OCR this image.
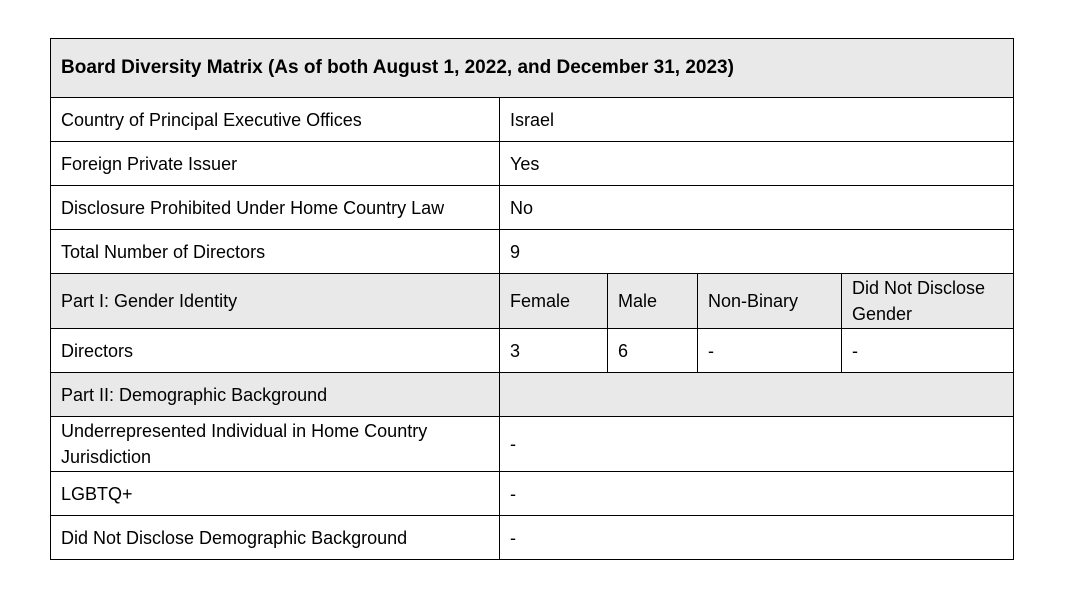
Board Diversity Matrix (As of both August 1, 2022, and December 31, 2023)				
Country of Principal Executive Offices	Israel			
Foreign Private Issuer	Yes			
Disclosure Prohibited Under Home Country Law	No			
Total Number of Directors	9			
Part I: Gender Identity	Female	Male	Non-Binary	Did Not Disclose Gender
Directors	3	6	-	-
Part II: Demographic Background				
Underrepresented Individual in Home Country Jurisdiction	-			
LGBTQ+	-			
Did Not Disclose Demographic Background	-			
